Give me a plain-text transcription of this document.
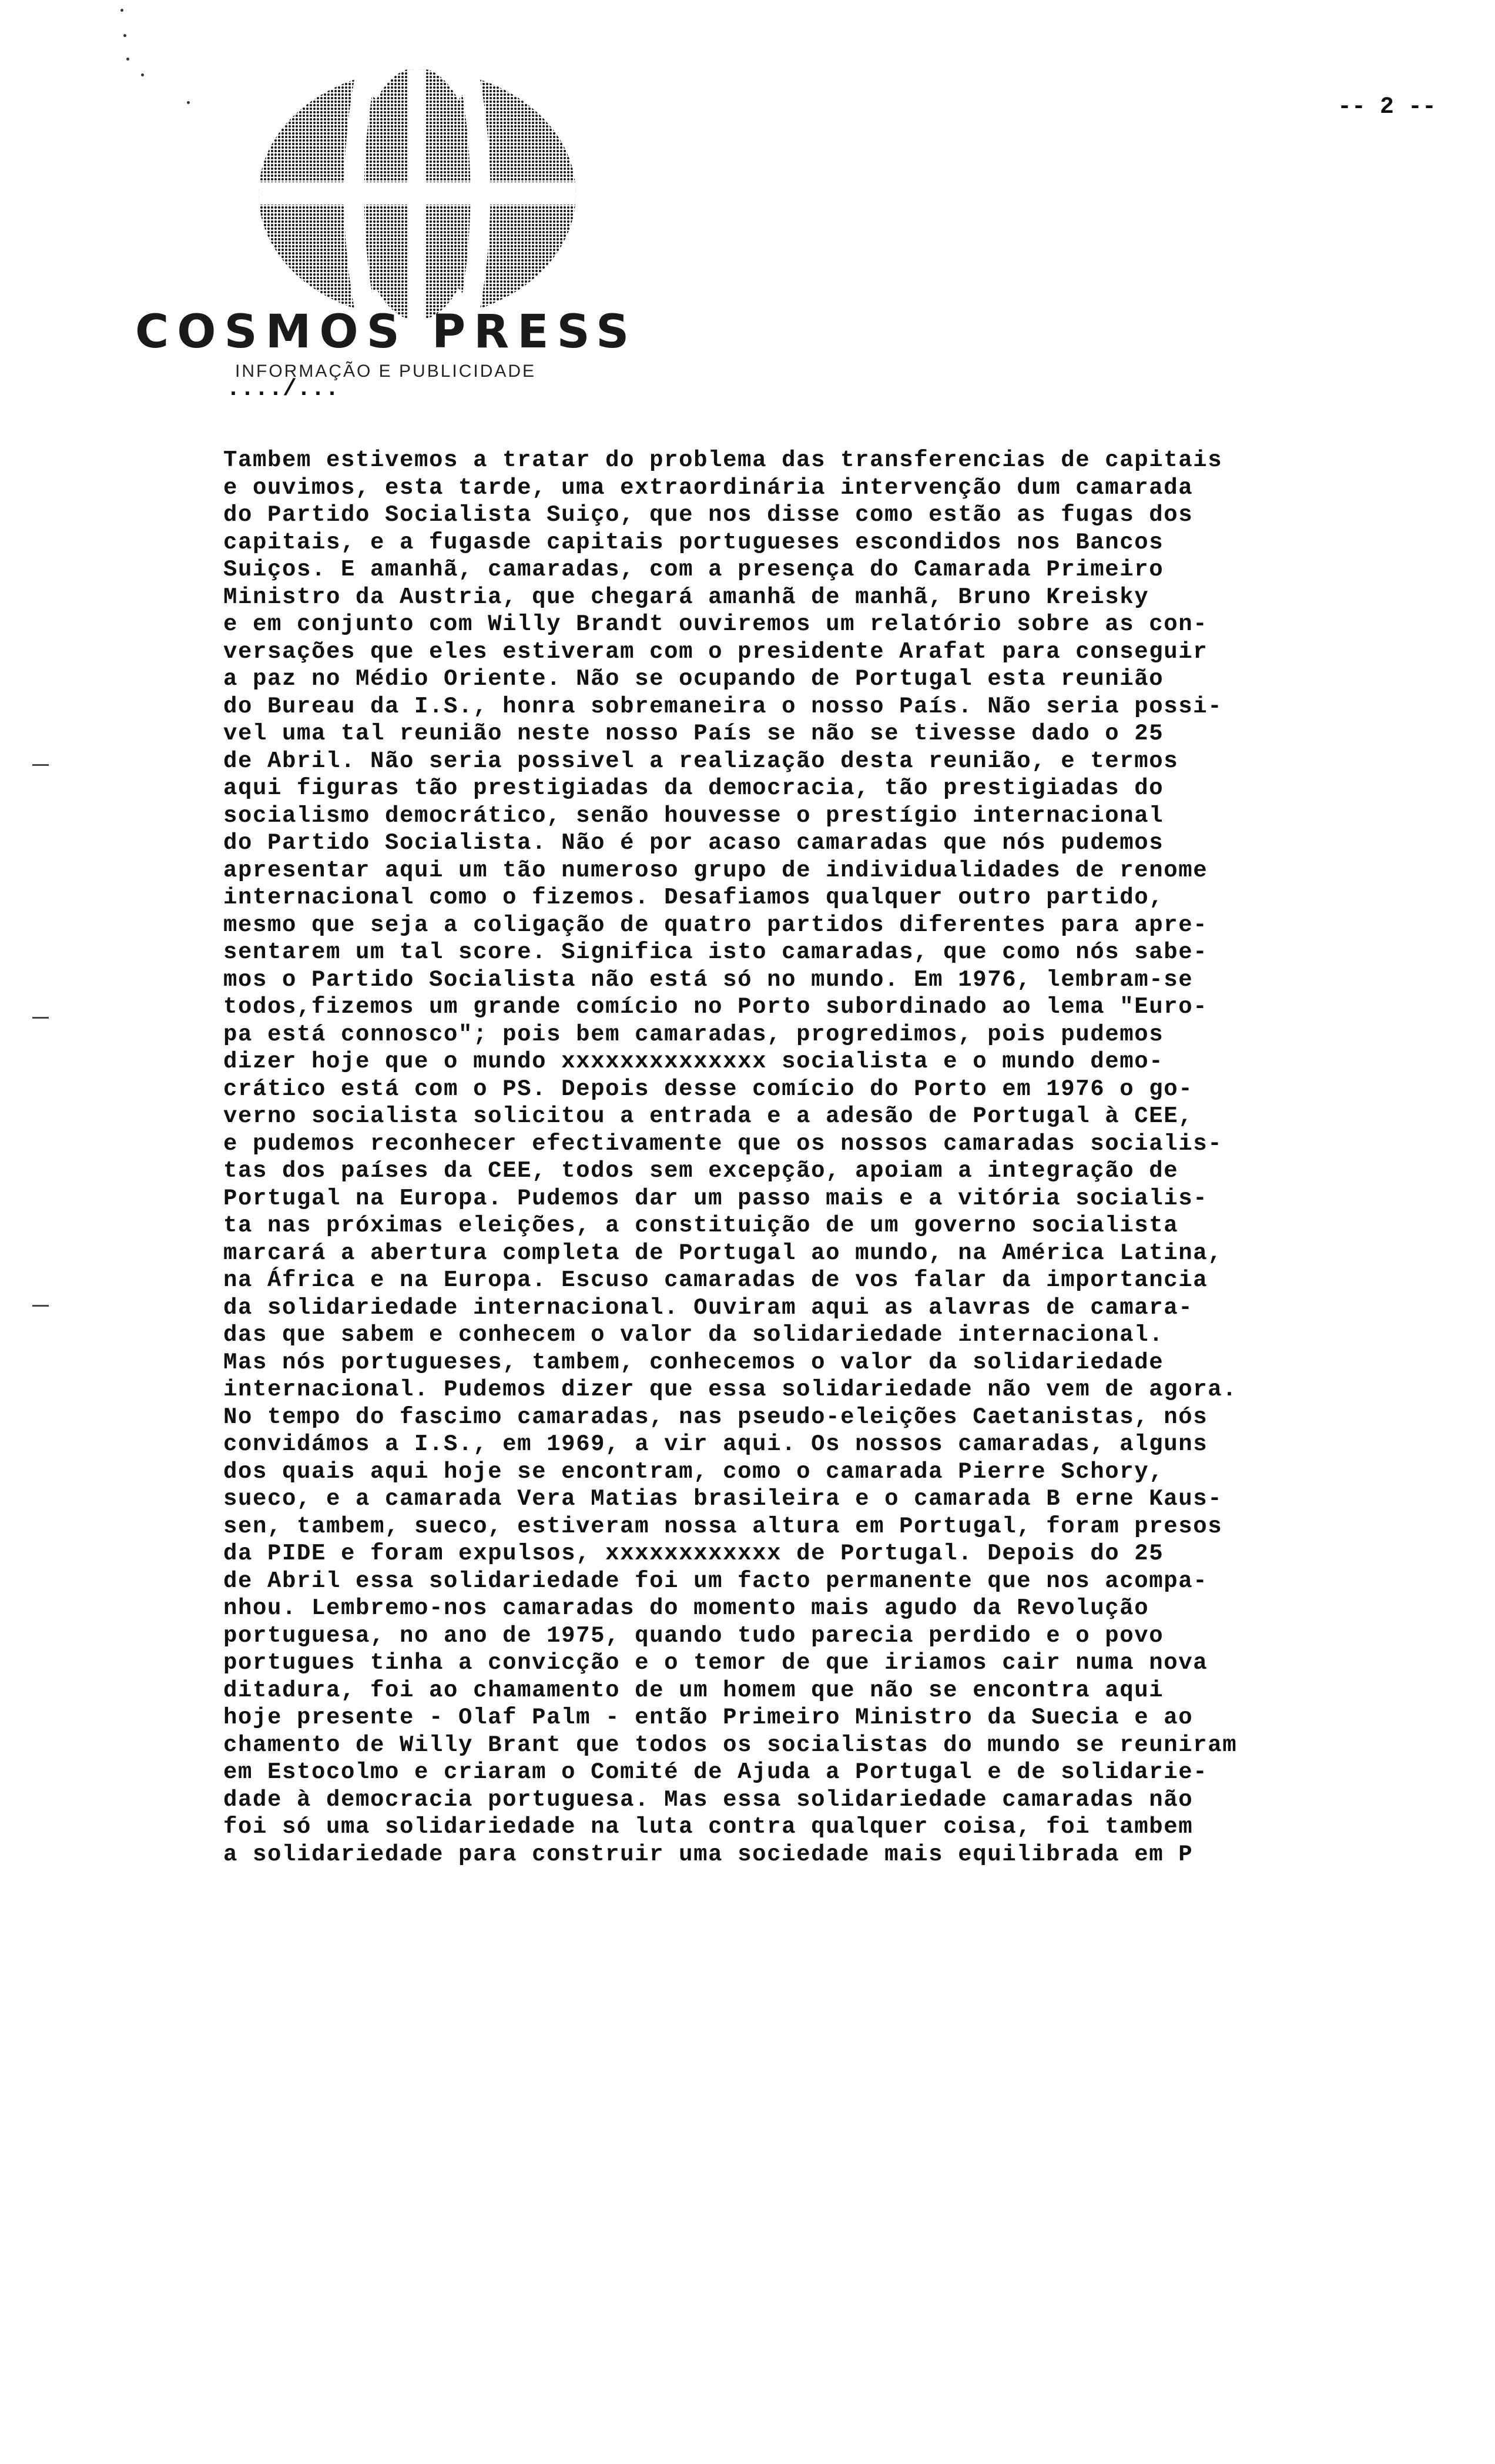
COSMOS PRESS
INFORMAÇÃO E PUBLICIDADE
-- 2 --
..../...
Tambem estivemos a tratar do problema das transferencias de capitais
e ouvimos, esta tarde, uma extraordinária intervenção dum camarada
do Partido Socialista Suiço, que nos disse como estão as fugas dos
capitais, e a fugasde capitais portugueses escondidos nos Bancos
Suiços. E amanhã, camaradas, com a presença do Camarada Primeiro
Ministro da Austria, que chegará amanhã de manhã, Bruno Kreisky
e em conjunto com Willy Brandt ouviremos um relatório sobre as con-
versações que eles estiveram com o presidente Arafat para conseguir
a paz no Médio Oriente. Não se ocupando de Portugal esta reunião
do Bureau da I.S., honra sobremaneira o nosso País. Não seria possi-
vel uma tal reunião neste nosso País se não se tivesse dado o 25
de Abril. Não seria possivel a realização desta reunião, e termos
aqui figuras tão prestigiadas da democracia, tão prestigiadas do
socialismo democrático, senão houvesse o prestígio internacional
do Partido Socialista. Não é por acaso camaradas que nós pudemos
apresentar aqui um tão numeroso grupo de individualidades de renome
internacional como o fizemos. Desafiamos qualquer outro partido,
mesmo que seja a coligação de quatro partidos diferentes para apre-
sentarem um tal score. Significa isto camaradas, que como nós sabe-
mos o Partido Socialista não está só no mundo. Em 1976, lembram-se
todos,fizemos um grande comício no Porto subordinado ao lema "Euro-
pa está connosco"; pois bem camaradas, progredimos, pois pudemos
dizer hoje que o mundo xxxxxxxxxxxxxx socialista e o mundo demo-
crático está com o PS. Depois desse comício do Porto em 1976 o go-
verno socialista solicitou a entrada e a adesão de Portugal à CEE,
e pudemos reconhecer efectivamente que os nossos camaradas socialis-
tas dos países da CEE, todos sem excepção, apoiam a integração de
Portugal na Europa. Pudemos dar um passo mais e a vitória socialis-
ta nas próximas eleições, a constituição de um governo socialista
marcará a abertura completa de Portugal ao mundo, na América Latina,
na África e na Europa. Escuso camaradas de vos falar da importancia
da solidariedade internacional. Ouviram aqui as alavras de camara-
das que sabem e conhecem o valor da solidariedade internacional.
Mas nós portugueses, tambem, conhecemos o valor da solidariedade
internacional. Pudemos dizer que essa solidariedade não vem de agora.
No tempo do fascimo camaradas, nas pseudo-eleições Caetanistas, nós
convidámos a I.S., em 1969, a vir aqui. Os nossos camaradas, alguns
dos quais aqui hoje se encontram, como o camarada Pierre Schory,
sueco, e a camarada Vera Matias brasileira e o camarada B erne Kaus-
sen, tambem, sueco, estiveram nossa altura em Portugal, foram presos
da PIDE e foram expulsos, xxxxxxxxxxxx de Portugal. Depois do 25
de Abril essa solidariedade foi um facto permanente que nos acompa-
nhou. Lembremo-nos camaradas do momento mais agudo da Revolução
portuguesa, no ano de 1975, quando tudo parecia perdido e o povo
portugues tinha a convicção e o temor de que iriamos cair numa nova
ditadura, foi ao chamamento de um homem que não se encontra aqui
hoje presente - Olaf Palm - então Primeiro Ministro da Suecia e ao
chamento de Willy Brant que todos os socialistas do mundo se reuniram
em Estocolmo e criaram o Comité de Ajuda a Portugal e de solidarie-
dade à democracia portuguesa. Mas essa solidariedade camaradas não
foi só uma solidariedade na luta contra qualquer coisa, foi tambem
a solidariedade para construir uma sociedade mais equilibrada em P
